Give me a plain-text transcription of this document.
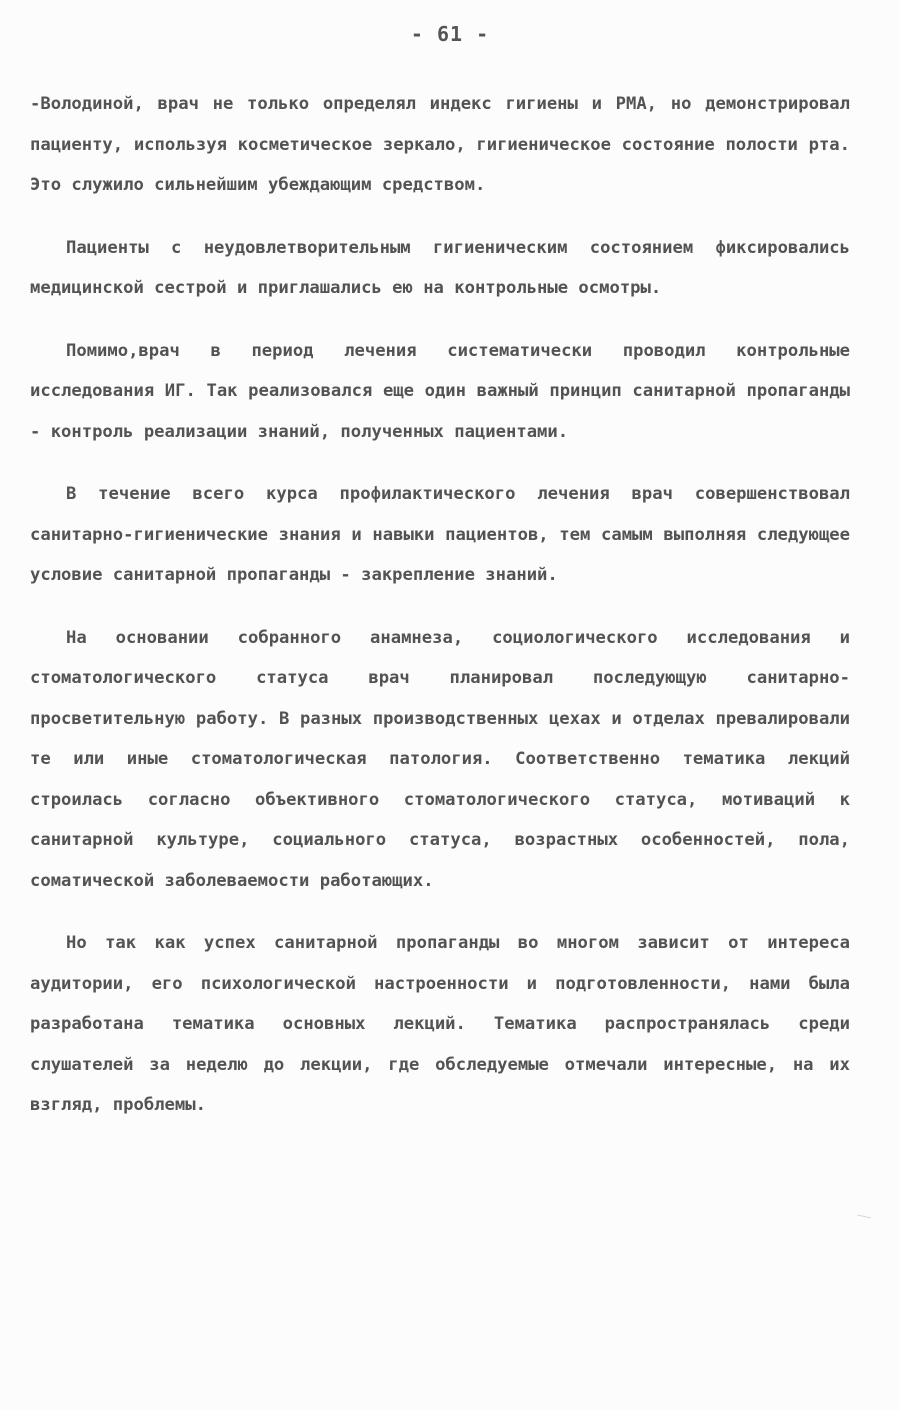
- 61 -

-Володиной, врач не только определял индекс гигиены и РМА, но демонстрировал пациенту, используя косметическое зеркало, гигиеническое состояние полости рта. Это служило сильнейшим убеждающим средством.

Пациенты с неудовлетворительным гигиеническим состоянием фиксировались медицинской сестрой и приглашались ею на контрольные осмотры.

Помимо,врач в период лечения систематически проводил контрольные исследования ИГ. Так реализовался еще один важный принцип санитарной пропаганды - контроль реализации знаний, полученных пациентами.

В течение всего курса профилактического лечения врач совершенствовал санитарно-гигиенические знания и навыки пациентов, тем самым выполняя следующее условие санитарной пропаганды - закрепление знаний.

На основании собранного анамнеза, социологического исследования и стоматологического статуса врач планировал последующую санитарно-просветительную работу. В разных производственных цехах и отделах превалировали те или иные стоматологическая патология. Соответственно тематика лекций строилась согласно объективного стоматологического статуса, мотиваций к санитарной культуре, социального статуса, возрастных особенностей, пола, соматической заболеваемости работающих.

Но так как успех санитарной пропаганды во многом зависит от интереса аудитории, его психологической настроенности и подготовленности, нами была разработана тематика основных лекций. Тематика распространялась среди слушателей за неделю до лекции, где обследуемые отмечали интересные, на их взгляд, проблемы.
